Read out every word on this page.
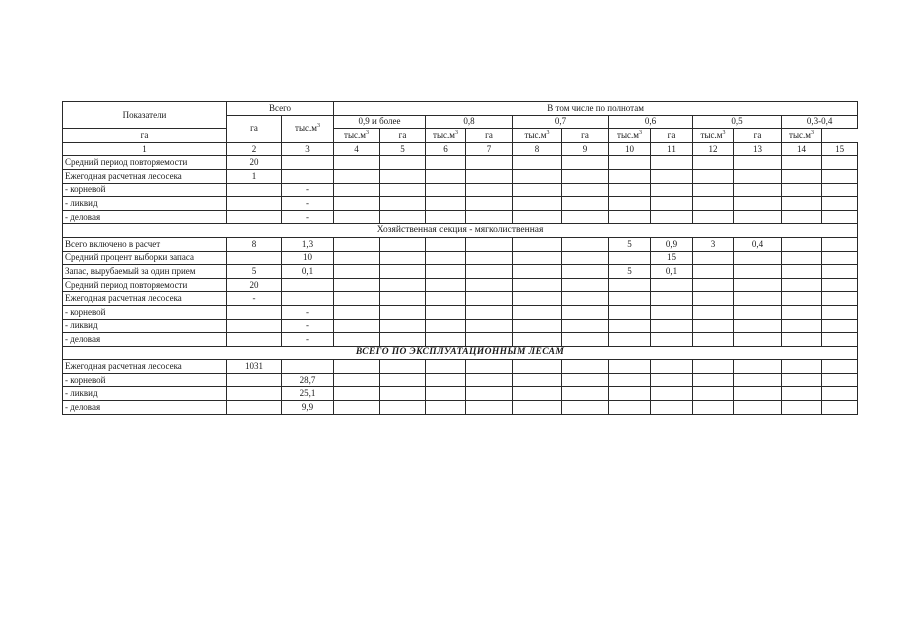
Показатели	Всего		В том числе по полнотам											
	га	$тыс.м^3$	0,9 и более		0,8		0,7		0,6		0,5		0,3-0,4	
га			$тыс.м^3$	га	$тыс.м^3$	га	$тыс.м^3$	га	$тыс.м^3$	га	$тыс.м^3$	га	$тыс.м^3$
1	2	3	4	5	6	7	8	9	10	11	12	13	14	15
Средний период повторяемости	20													
Ежегодная расчетная лесосека	1													
- корневой		-												
- ликвид		-												
- деловая		-												
Хозяйственная секция - мягколиственная														
Всего включено в расчет	8	1,3							5	0,9	3	0,4		
Средний процент выборки запаса		10								15				
Запас, вырубаемый за один прием	5	0,1							5	0,1				
Средний период повторяемости	20													
Ежегодная расчетная лесосека	-													
- корневой		-												
- ликвид		-												
- деловая		-												
ВСЕГО ПО ЭКСПЛУАТАЦИОННЫМ ЛЕСАМ														
Ежегодная расчетная лесосека	1031													
- корневой		28,7												
- ликвид		25,1												
- деловая		9,9												
